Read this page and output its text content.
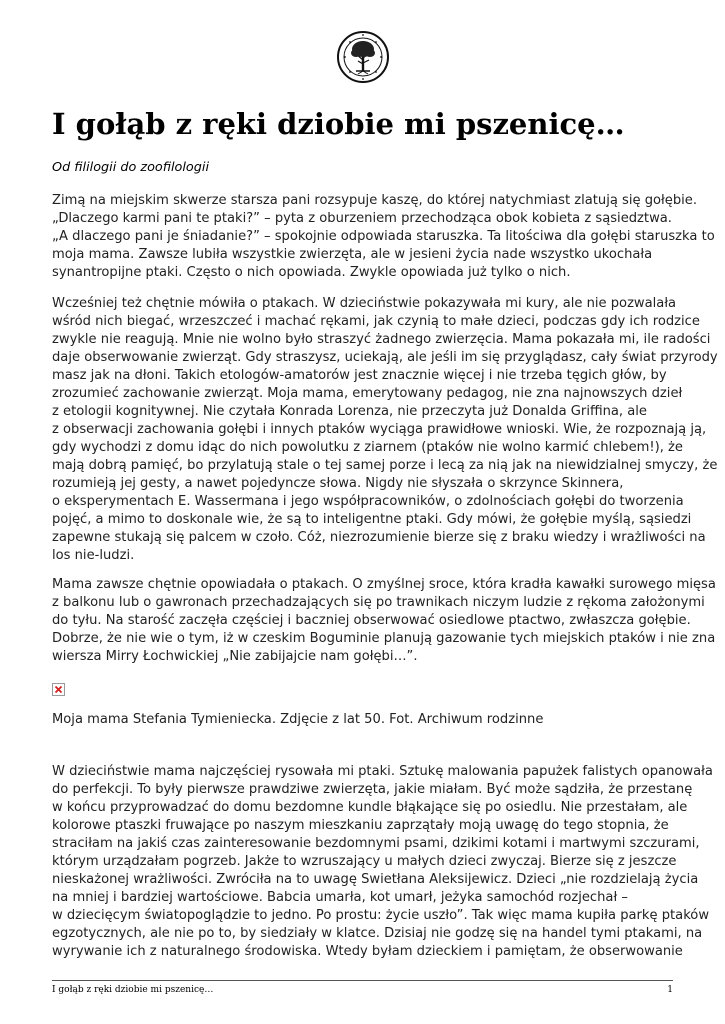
I gołąb z ręki dziobie mi pszenicę…

Od fililogii do zoofilologii

Zimą na miejskim skwerze starsza pani rozsypuje kaszę, do której natychmiast zlatują się gołębie.
„Dlaczego karmi pani te ptaki?” – pyta z oburzeniem przechodząca obok kobieta z sąsiedztwa.
„A dlaczego pani je śniadanie?” – spokojnie odpowiada staruszka. Ta litościwa dla gołębi staruszka to
moja mama. Zawsze lubiła wszystkie zwierzęta, ale w jesieni życia nade wszystko ukochała
synantropijne ptaki. Często o nich opowiada. Zwykle opowiada już tylko o nich.

Wcześniej też chętnie mówiła o ptakach. W dzieciństwie pokazywała mi kury, ale nie pozwalała
wśród nich biegać, wrzeszczeć i machać rękami, jak czynią to małe dzieci, podczas gdy ich rodzice
zwykle nie reagują. Mnie nie wolno było straszyć żadnego zwierzęcia. Mama pokazała mi, ile radości
daje obserwowanie zwierząt. Gdy straszysz, uciekają, ale jeśli im się przyglądasz, cały świat przyrody
masz jak na dłoni. Takich etologów-amatorów jest znacznie więcej i nie trzeba tęgich głów, by
zrozumieć zachowanie zwierząt. Moja mama, emerytowany pedagog, nie zna najnowszych dzieł
z etologii kognitywnej. Nie czytała Konrada Lorenza, nie przeczyta już Donalda Griffina, ale
z obserwacji zachowania gołębi i innych ptaków wyciąga prawidłowe wnioski. Wie, że rozpoznają ją,
gdy wychodzi z domu idąc do nich powolutku z ziarnem (ptaków nie wolno karmić chlebem!), że
mają dobrą pamięć, bo przylatują stale o tej samej porze i lecą za nią jak na niewidzialnej smyczy, że
rozumieją jej gesty, a nawet pojedyncze słowa. Nigdy nie słyszała o skrzynce Skinnera,
o eksperymentach E. Wassermana i jego współpracowników, o zdolnościach gołębi do tworzenia
pojęć, a mimo to doskonale wie, że są to inteligentne ptaki. Gdy mówi, że gołębie myślą, sąsiedzi
zapewne stukają się palcem w czoło. Cóż, niezrozumienie bierze się z braku wiedzy i wrażliwości na
los nie-ludzi.

Mama zawsze chętnie opowiadała o ptakach. O zmyślnej sroce, która kradła kawałki surowego mięsa
z balkonu lub o gawronach przechadzających się po trawnikach niczym ludzie z rękoma założonymi
do tyłu. Na starość zaczęła częściej i baczniej obserwować osiedlowe ptactwo, zwłaszcza gołębie.
Dobrze, że nie wie o tym, iż w czeskim Boguminie planują gazowanie tych miejskich ptaków i nie zna
wiersza Mirry Łochwickiej „Nie zabijajcie nam gołębi…”.

Moja mama Stefania Tymieniecka. Zdjęcie z lat 50. Fot. Archiwum rodzinne

W dzieciństwie mama najczęściej rysowała mi ptaki. Sztukę malowania papużek falistych opanowała
do perfekcji. To były pierwsze prawdziwe zwierzęta, jakie miałam. Być może sądziła, że przestanę
w końcu przyprowadzać do domu bezdomne kundle błąkające się po osiedlu. Nie przestałam, ale
kolorowe ptaszki fruwające po naszym mieszkaniu zaprzątały moją uwagę do tego stopnia, że
straciłam na jakiś czas zainteresowanie bezdomnymi psami, dzikimi kotami i martwymi szczurami,
którym urządzałam pogrzeb. Jakże to wzruszający u małych dzieci zwyczaj. Bierze się z jeszcze
nieskażonej wrażliwości. Zwróciła na to uwagę Swietłana Aleksijewicz. Dzieci „nie rozdzielają życia
na mniej i bardziej wartościowe. Babcia umarła, kot umarł, jeżyka samochód rozjechał –
w dziecięcym światopoglądzie to jedno. Po prostu: życie uszło”. Tak więc mama kupiła parkę ptaków
egzotycznych, ale nie po to, by siedziały w klatce. Dzisiaj nie godzę się na handel tymi ptakami, na
wyrywanie ich z naturalnego środowiska. Wtedy byłam dzieckiem i pamiętam, że obserwowanie

I gołąb z ręki dziobie mi pszenicę…	1
